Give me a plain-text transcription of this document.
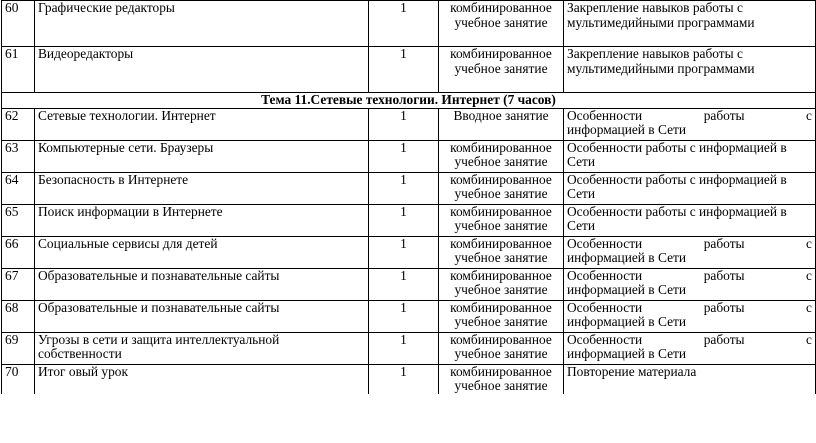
60	Графические редакторы	1	комбинированное учебное занятие	Закрепление навыков работы с мультимедийными программами
61	Видеоредакторы	1	комбинированное учебное занятие	Закрепление навыков работы с мультимедийными программами
Тема 11.Сетевые технологии. Интернет (7 часов)				
62	Сетевые технологии. Интернет	1	Вводное занятие	Особенности работы с
информацией в Сети
63	Компьютерные сети. Браузеры	1	комбинированное учебное занятие	Особенности работы с информацией в Сети
64	Безопасность в Интернете	1	комбинированное учебное занятие	Особенности работы с информацией в Сети
65	Поиск информации в Интернете	1	комбинированное учебное занятие	Особенности работы с информацией в Сети
66	Социальные сервисы для детей	1	комбинированное учебное занятие	Особенности работы с
информацией в Сети
67	Образовательные и познавательные сайты	1	комбинированное учебное занятие	Особенности работы с
информацией в Сети
68	Образовательные и познавательные сайты	1	комбинированное учебное занятие	Особенности работы с
информацией в Сети
69	Угрозы в сети и защита интеллектуальной собственности	1	комбинированное учебное занятие	Особенности работы с
информацией в Сети
70	Итог овый урок	1	комбинированное учебное занятие	Повторение материала
